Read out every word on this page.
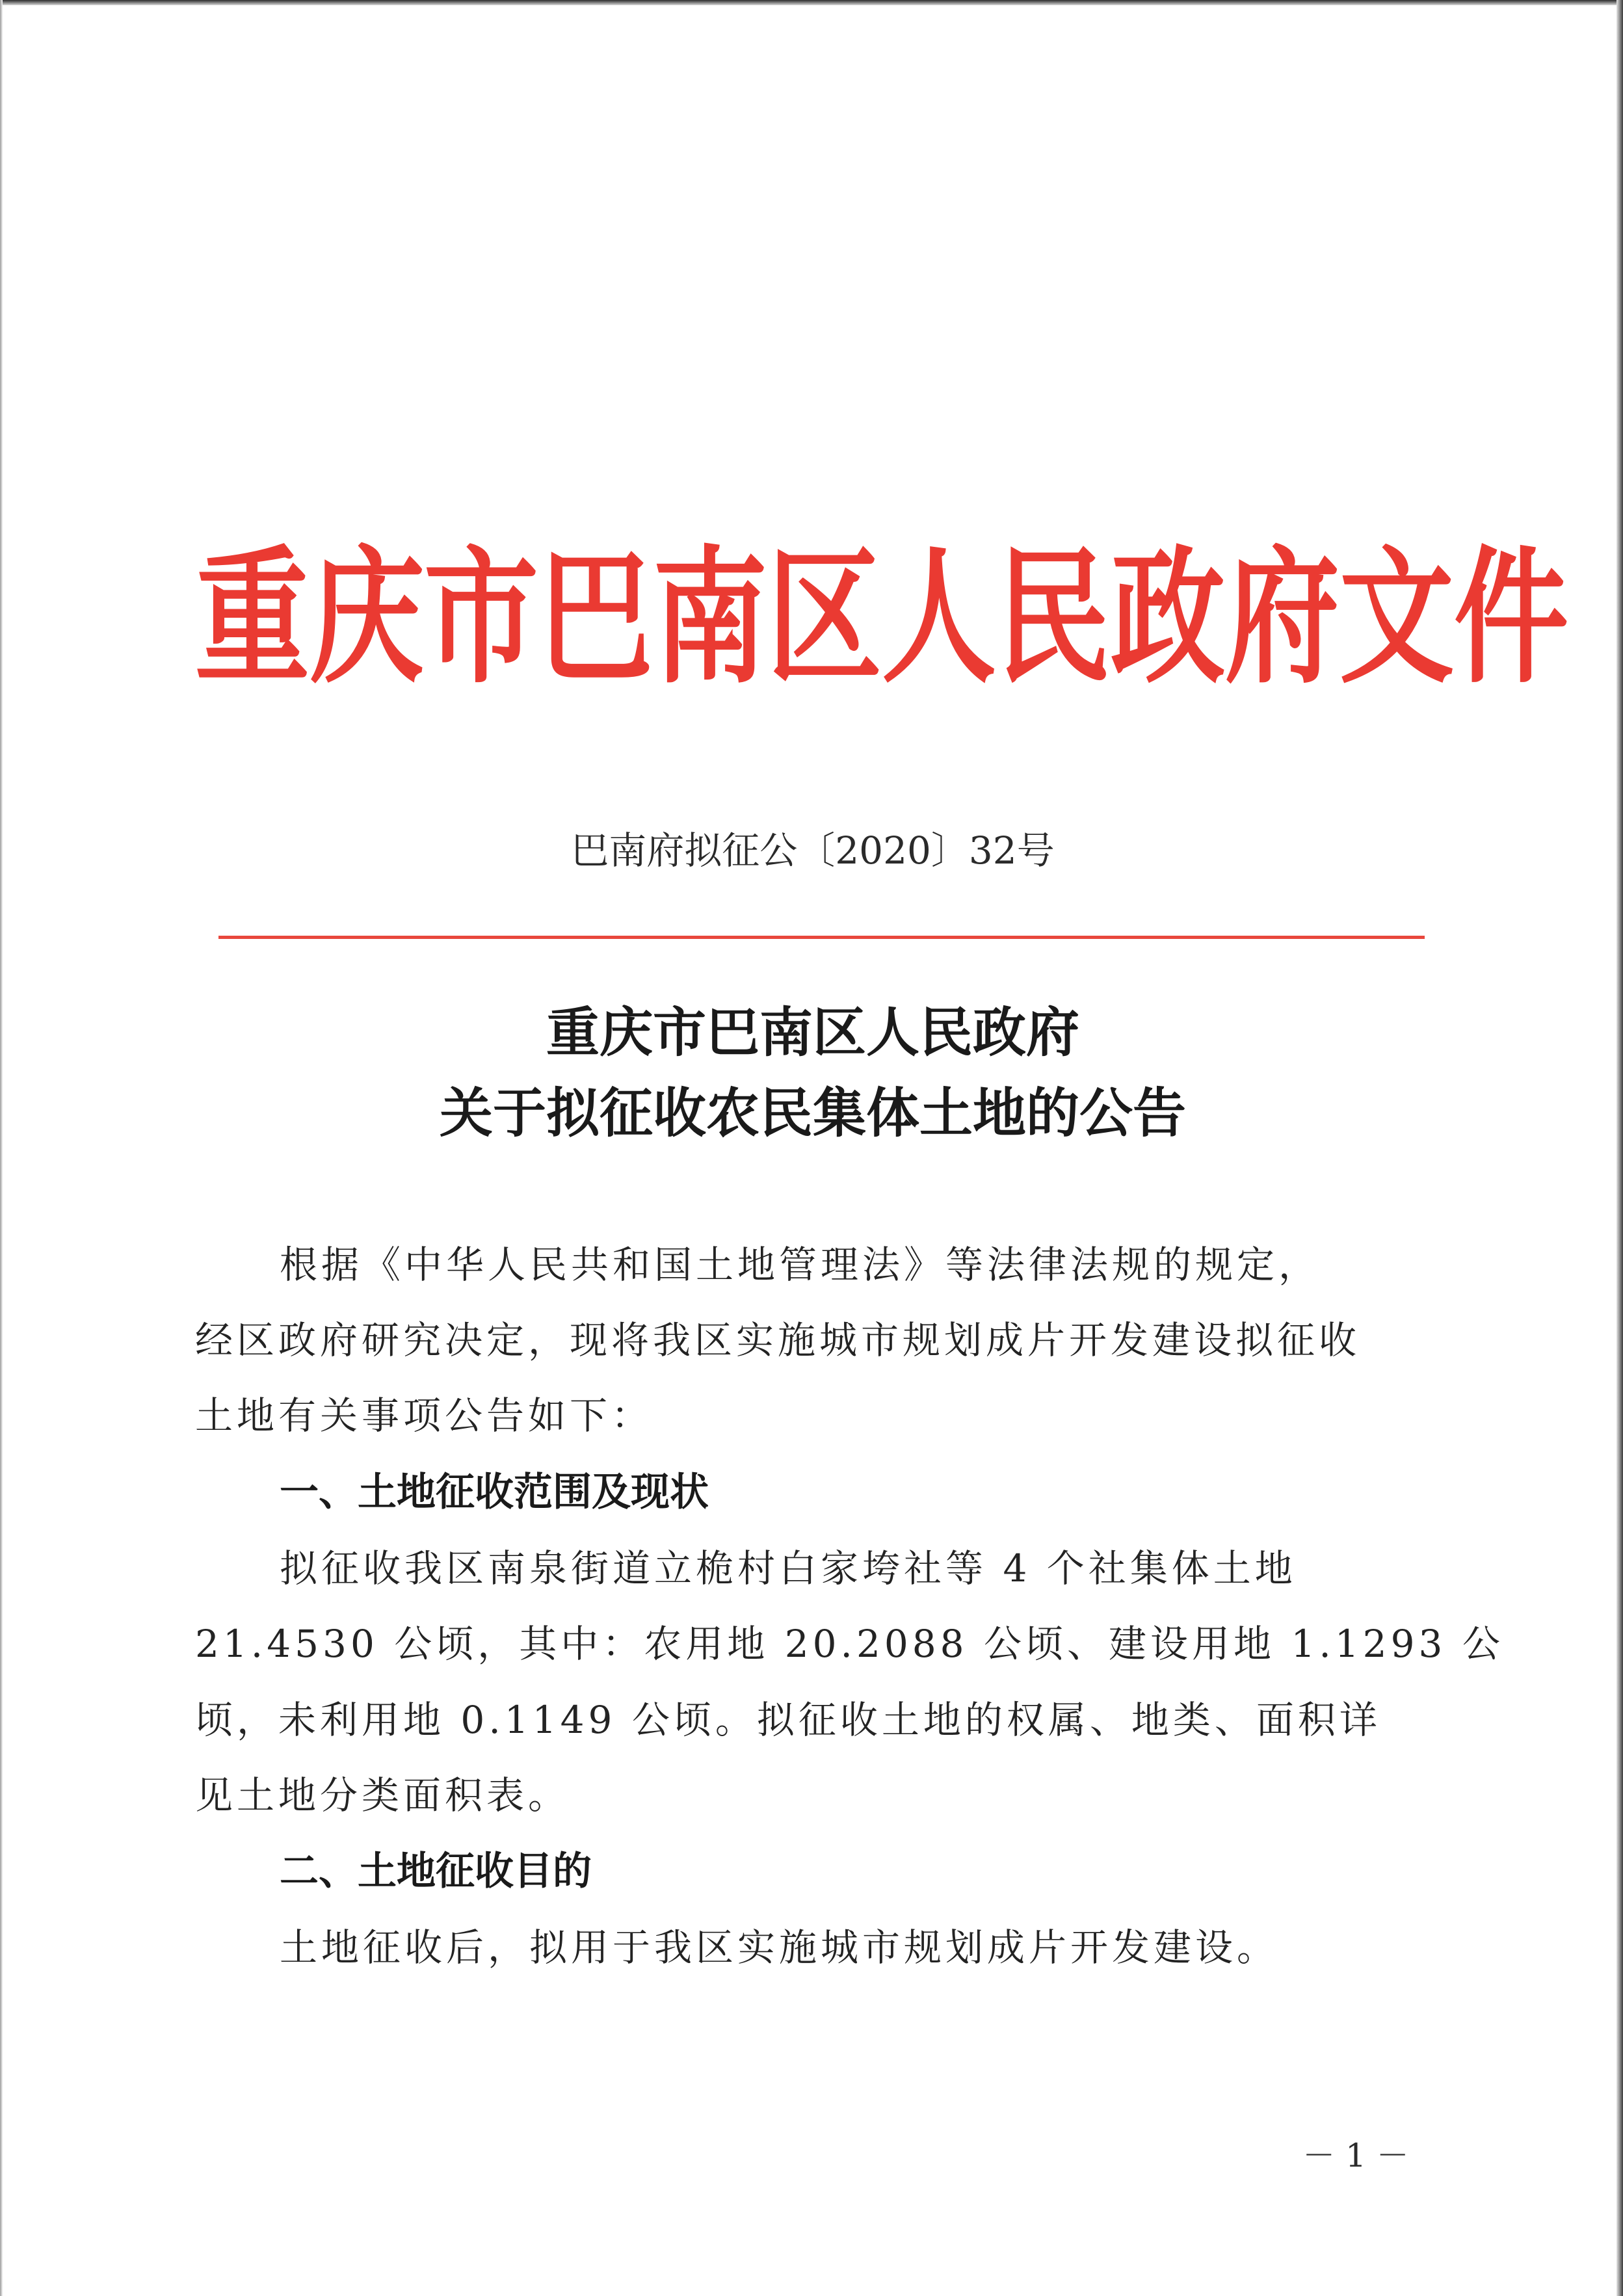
重庆市巴南区人民政府文件
巴南府拟征公〔2020〕32号
重庆市巴南区人民政府
关于拟征收农民集体土地的公告
根据《中华人民共和国土地管理法》等法律法规的规定，
经区政府研究决定，现将我区实施城市规划成片开发建设拟征收
土地有关事项公告如下：
一、土地征收范围及现状
拟征收我区南泉街道立桅村白家垮社等 4 个社集体土地
21.4530 公顷，其中：农用地 20.2088 公顷、建设用地 1.1293 公
顷，未利用地 0.1149 公顷。拟征收土地的权属、地类、面积详
见土地分类面积表。
二、土地征收目的
土地征收后，拟用于我区实施城市规划成片开发建设。
－ 1 －
